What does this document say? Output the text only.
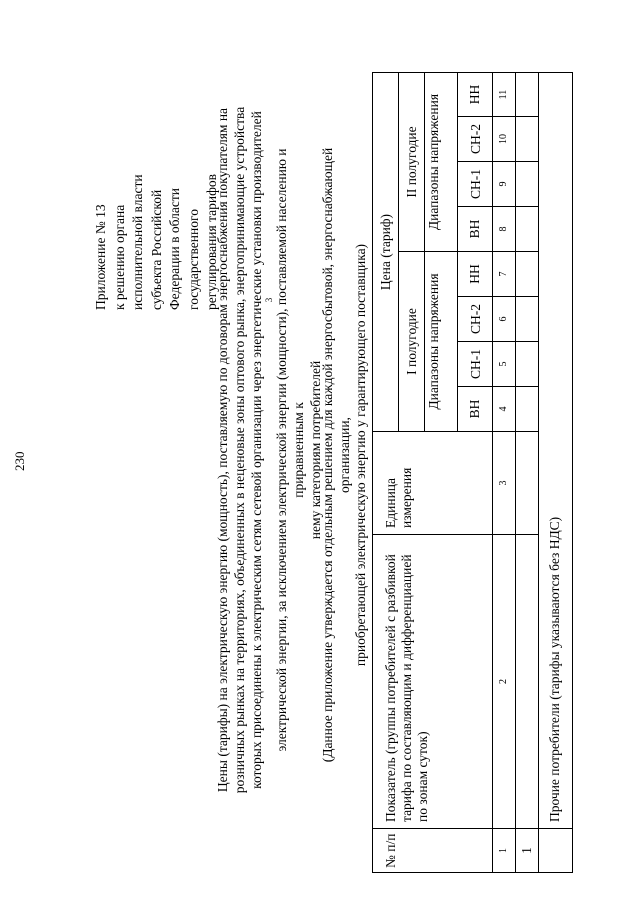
230
Приложение № 13 к решению органа исполнительной власти субъекта Российской Федерации в области государственного регулирования тарифов
Цены (тарифы) на электрическую энергию (мощность), поставляемую по договорам энергоснабжения покупателям на розничных рынках на территориях, объединенных в неценовые зоны оптового рынка, энергопринимающие устройства которых присоединены к электрическим сетям сетевой организации через энергетические установки производителей 3 электрической энергии, за исключением электрической энергии (мощности), поставляемой населению и приравненным к нему категориям потребителей
(Данное приложение утверждается отдельным решением для каждой энергосбытовой, энергоснабжающей организации, приобретающей электрическую энергию у гарантирующего поставщика)
№ п/п
Показатель (группы потребителей с разбивкой тарифа по составляющим и дифференциацией по зонам суток)
Единица измерения
Цена (тариф)
I полугодие
II полугодие
Диапазоны напряжения
Диапазоны напряжения
ВН
СН-1
СН-2
НН
ВН
СН-1
СН-2
НН
1
2
3
4
5
6
7
8
9
10
11
1
Прочие потребители (тарифы указываются без НДС)
